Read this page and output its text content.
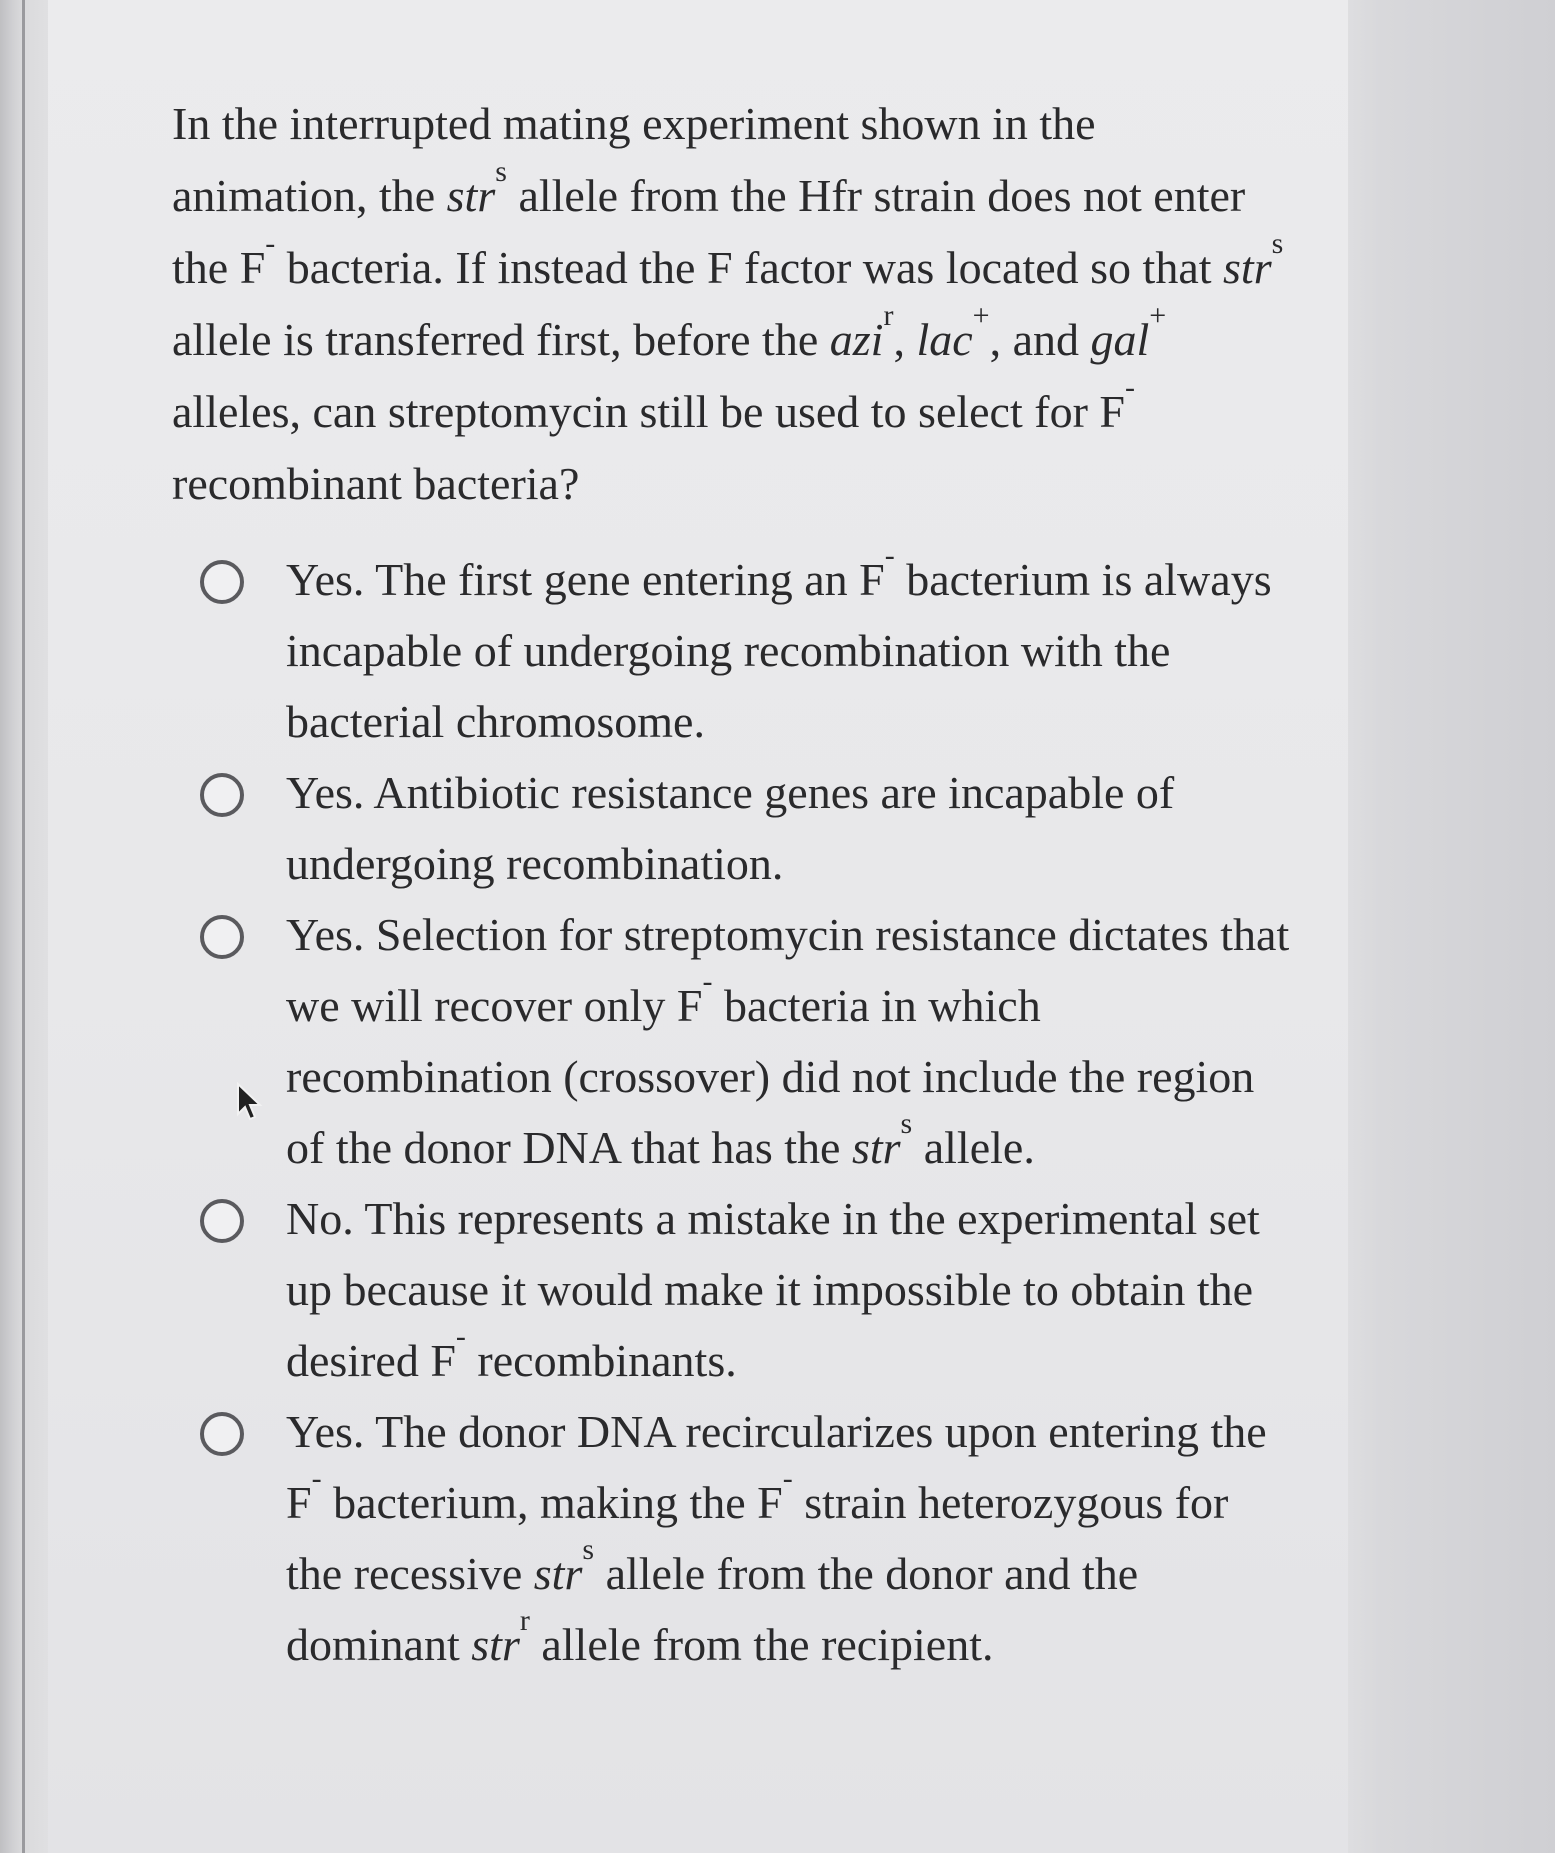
In the interrupted mating experiment shown in the animation, the str$^s$ allele from the Hfr strain does not enter the F- bacteria. If instead the F factor was located so that str$^s$ allele is transferred first, before the azi$^r$, lac+, and gal+ alleles, can streptomycin still be used to select for F- recombinant bacteria?

Yes. The first gene entering an F- bacterium is always incapable of undergoing recombination with the bacterial chromosome.
Yes. Antibiotic resistance genes are incapable of undergoing recombination.
Yes. Selection for streptomycin resistance dictates that we will recover only F- bacteria in which recombination (crossover) did not include the region of the donor DNA that has the str$^s$ allele.
No. This represents a mistake in the experimental set up because it would make it impossible to obtain the desired F- recombinants.
Yes. The donor DNA recircularizes upon entering the F- bacterium, making the F- strain heterozygous for the recessive str$^s$ allele from the donor and the dominant str$^r$ allele from the recipient.
